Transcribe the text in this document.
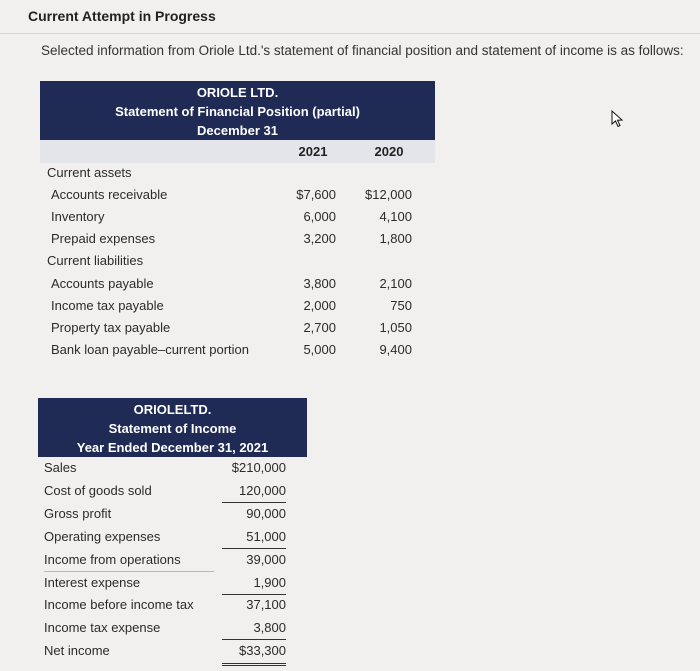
Current Attempt in Progress
Selected information from Oriole Ltd.'s statement of financial position and statement of income is as follows:
ORIOLE LTD.
Statement of Financial Position (partial)
December 31
2021	2020
Current assets
Accounts receivable	$7,600 $12,000
Inventory	6,000	4,100
Prepaid expenses	3,200	1,800
Current liabilities
Accounts payable	3,800	2,100
Income tax payable	2,000	750
Property tax payable	2,700	1,050
Bank loan payable–current portion	5,000	9,400
ORIOLELTD.
Statement of Income
Year Ended December 31, 2021
Sales	$210,000
Cost of goods sold	120,000
Gross profit	90,000
Operating expenses	51,000
Income from operations	39,000
Interest expense	1,900
Income before income tax	37,100
Income tax expense	3,800
Net income	$33,300
